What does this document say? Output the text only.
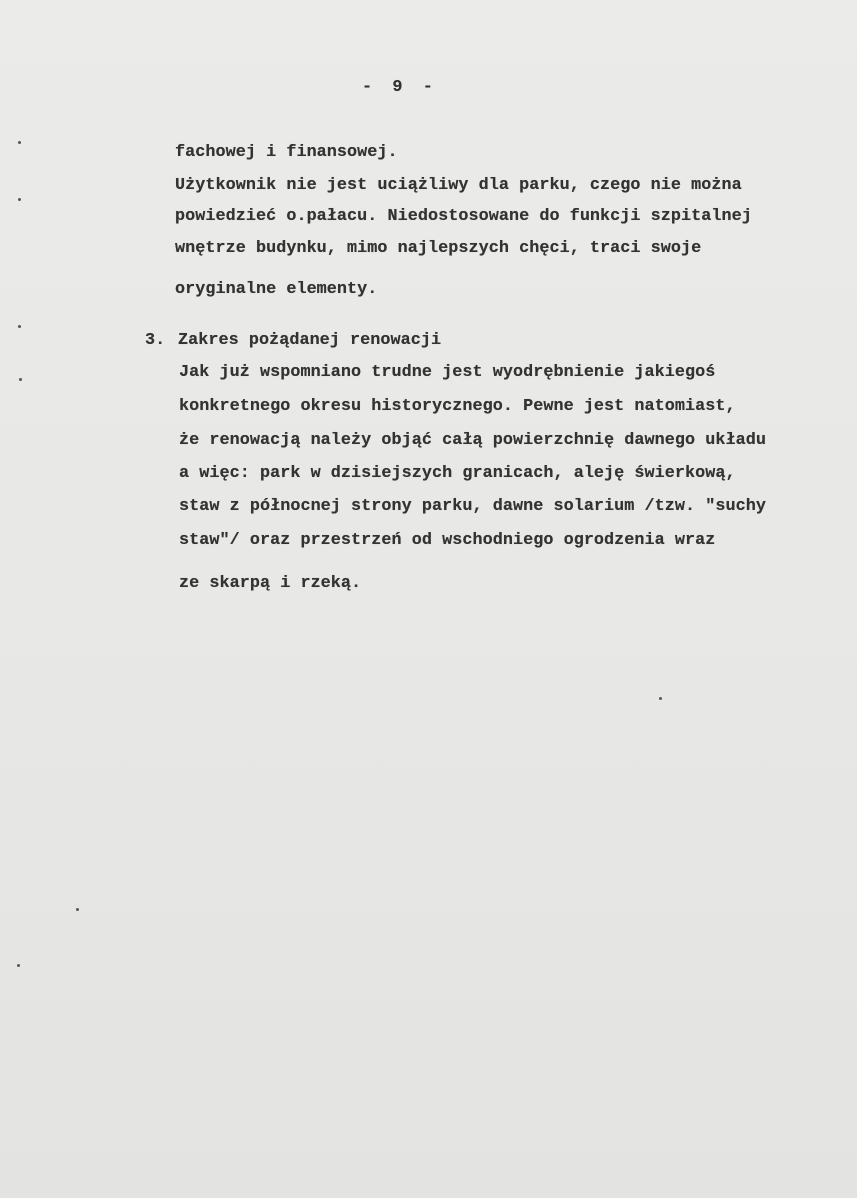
-  9  -
fachowej i finansowej.
Użytkownik nie jest uciążliwy dla parku, czego nie można
powiedzieć o.pałacu. Niedostosowane do funkcji szpitalnej
wnętrze budynku, mimo najlepszych chęci, traci swoje
oryginalne elementy.
3. Zakres pożądanej renowacji
Jak już wspomniano trudne jest wyodrębnienie jakiegoś
konkretnego okresu historycznego. Pewne jest natomiast,
że renowacją należy objąć całą powierzchnię dawnego układu
a więc: park w dzisiejszych granicach, aleję świerkową,
staw z północnej strony parku, dawne solarium /tzw. "suchy
staw"/ oraz przestrzeń od wschodniego ogrodzenia wraz
ze skarpą i rzeką.
